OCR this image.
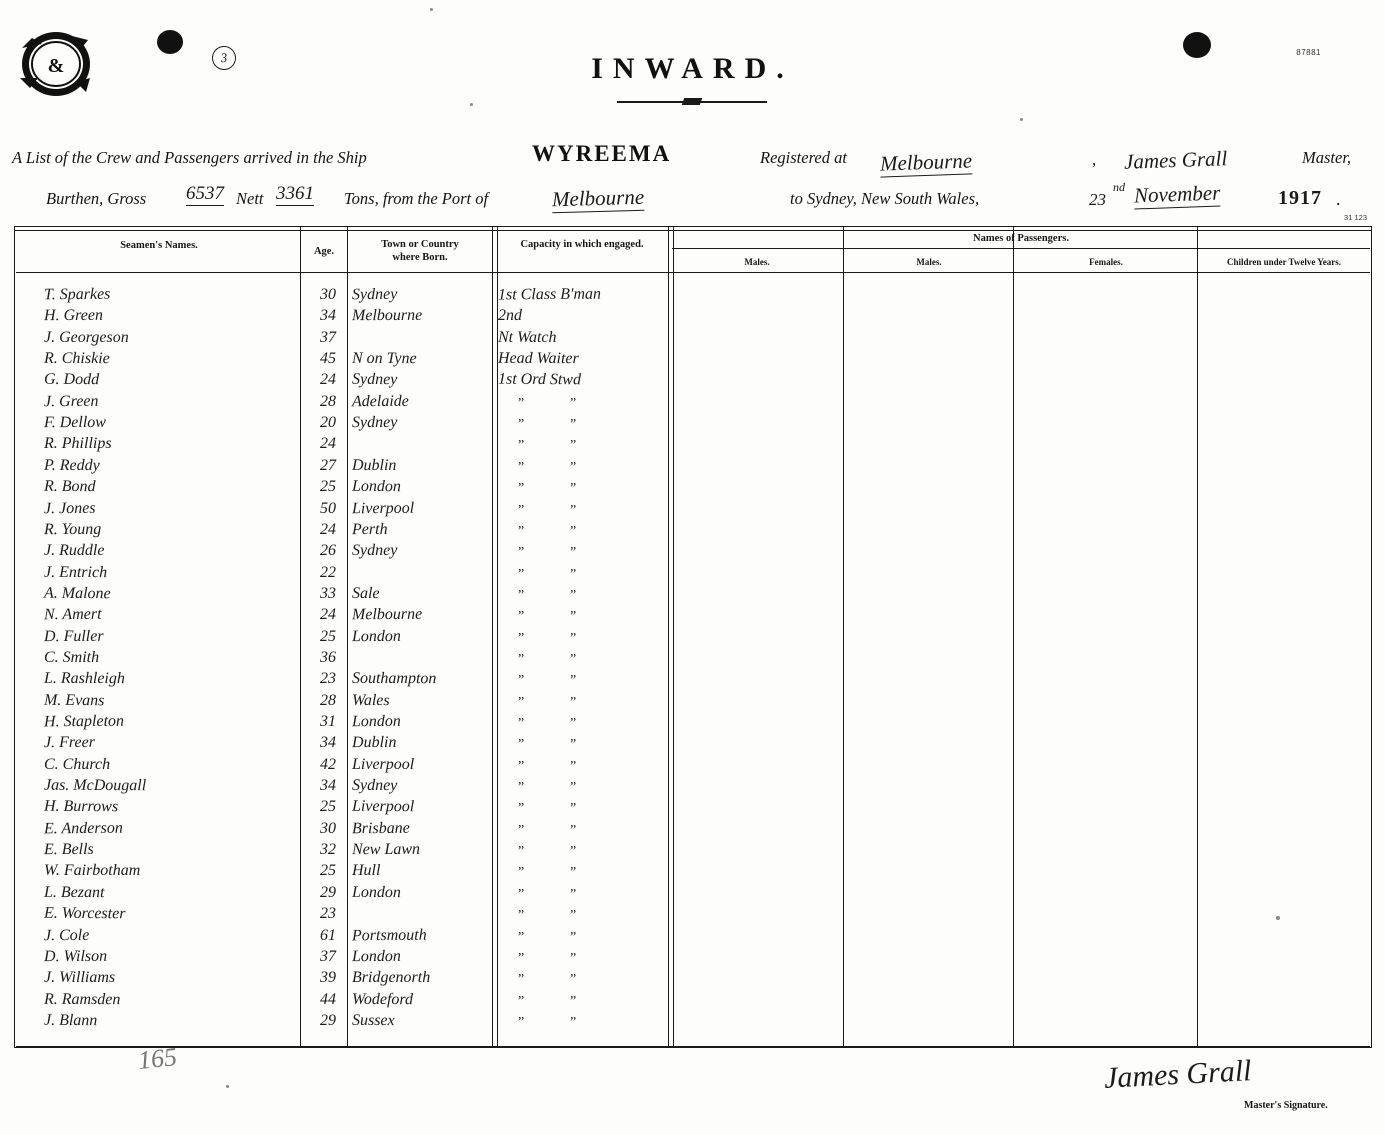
&	3	87881
INWARD.
A List of the Crew and Passengers arrived in the Ship	WYREEMA	Registered at Melbourne	, James Grall	Master,
Burthen, Gross 6537 Nett 3361 Tons, from the Port of	Melbourne	to Sydney, New South Wales,	23
nd November	1917 .
31 123
Seamen's Names.
Age.
Town or Country
where Born.
Capacity in which engaged.
Names of Passengers.
Males.	Males.	Females.	Children under Twelve Years.
T. Sparkes	30 Sydney	1st Class B'man
H. Green	34 Melbourne	2nd
J. Georgeson	37	Nt Watch
R. Chiskie	45 N on Tyne	Head Waiter
G. Dodd	24 Sydney	1st Ord Stwd
J. Green	28 Adelaide	”	”
F. Dellow	20 Sydney	”	”
R. Phillips	24	”	”
P. Reddy	27 Dublin	”	”
R. Bond	25 London	”	”
J. Jones	50 Liverpool	”	”
R. Young	24 Perth	”	”
J. Ruddle	26	Sydney	”	”
J. Entrich	22	”	”
A. Malone	33 Sale	”	”
N. Amert	24 Melbourne	”	”
D. Fuller	25 London	”	”
C. Smith	36	”	”
L. Rashleigh	23 Southampton	”	”
M. Evans	28 Wales	”	”
H. Stapleton	31 London	”	”
J. Freer	34 Dublin	”	”
C. Church	42	Liverpool	”	”
Jas. McDougall	34 Sydney	”	”
H. Burrows	25 Liverpool	”	”
E. Anderson	30 Brisbane	”	”
E. Bells	32 New Lawn	”	”
W. Fairbotham	25	Hull	”	”
L. Bezant	29 London	”	”
E. Worcester	23	”	”
J. Cole	61 Portsmouth	”	”
D. Wilson	37 London	”	”
J. Williams	39	Bridgenorth	”	”
R. Ramsden	44 Wodeford	”	”
J. Blann	29 Sussex	”	”
165	James Grall
Master's Signature.
